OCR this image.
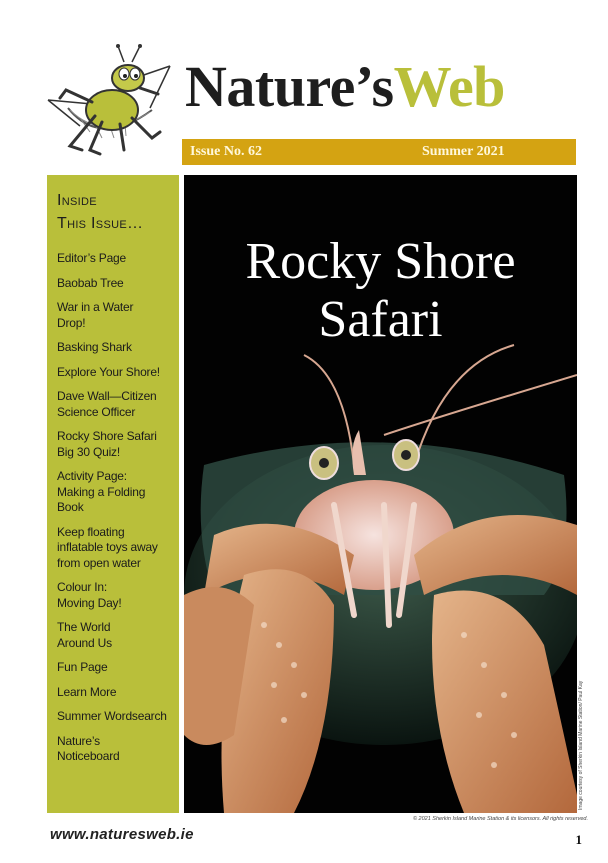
Nature’sWeb
Issue No. 62	Summer 2021
Inside
This Issue…
Editor’s Page
Baobab Tree
War in a Water Drop!
Basking Shark
Explore Your Shore!
Dave Wall—Citizen Science Officer
Rocky Shore Safari Big 30 Quiz!
Activity Page: Making a Folding Book
Keep floating inflatable toys away from open water
Colour In: Moving Day!
The World Around Us
Fun Page
Learn More
Summer Wordsearch
Nature’s Noticeboard
Rocky Shore
Safari
Image courtesy of Sherkin Island Marine Station/ Paul Kay
© 2021 Sherkin Island Marine Station & its licensors. All rights reserved.
www.naturesweb.ie	1
